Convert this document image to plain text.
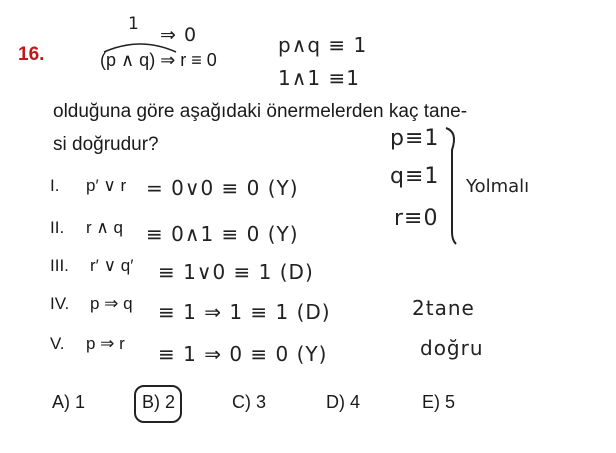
16.
1 ⇒ 0
(p ∧ q) ⇒ r ≡ 0
p∧q ≡ 1
1∧1 ≡1
olduğuna göre aşağıdaki önermelerden kaç tane-
si doğrudur?	p≡1
q≡1
r≡0
Yolmalı
I. p′ ∨ r = 0∨0 ≡ 0 (Y)
II. r ∧ q ≡ 0∧1 ≡ 0 (Y)
III. r′ ∨ q′ ≡ 1∨0 ≡ 1 (D)
IV. p ⇒ q ≡ 1 ⇒ 1 ≡ 1 (D)
V. p ⇒ r ≡ 1 ⇒ 0 ≡ 0 (Y)
2tane
doğru
A) 1	B) 2	C) 3	D) 4	E) 5
